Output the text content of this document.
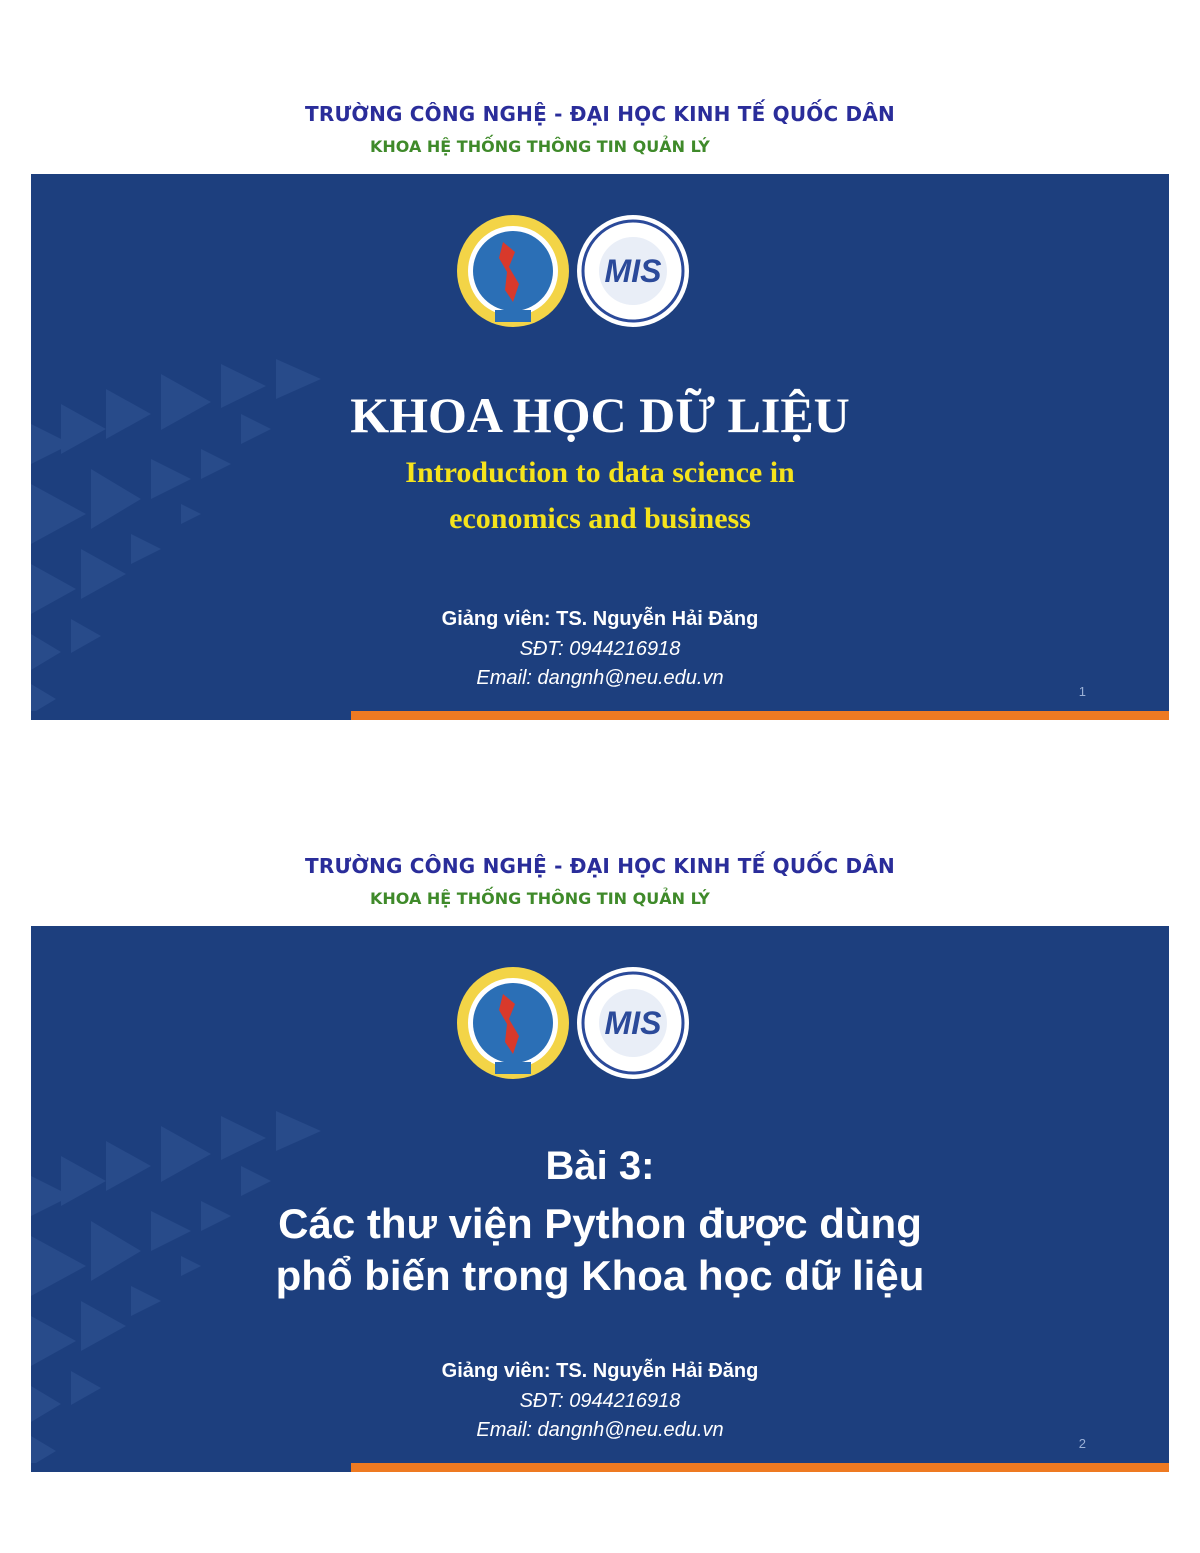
TRƯỜNG CÔNG NGHỆ - ĐẠI HỌC KINH TẾ QUỐC DÂN
KHOA HỆ THỐNG THÔNG TIN QUẢN LÝ
MIS
KHOA HỌC DỮ LIỆU
Introduction to data science in
economics and business
Giảng viên: TS. Nguyễn Hải Đăng
SĐT: 0944216918
Email: dangnh@neu.edu.vn
1
TRƯỜNG CÔNG NGHỆ - ĐẠI HỌC KINH TẾ QUỐC DÂN
KHOA HỆ THỐNG THÔNG TIN QUẢN LÝ
MIS
Bài 3:
Các thư viện Python được dùng
phổ biến trong Khoa học dữ liệu
Giảng viên: TS. Nguyễn Hải Đăng
SĐT: 0944216918
Email: dangnh@neu.edu.vn
2
